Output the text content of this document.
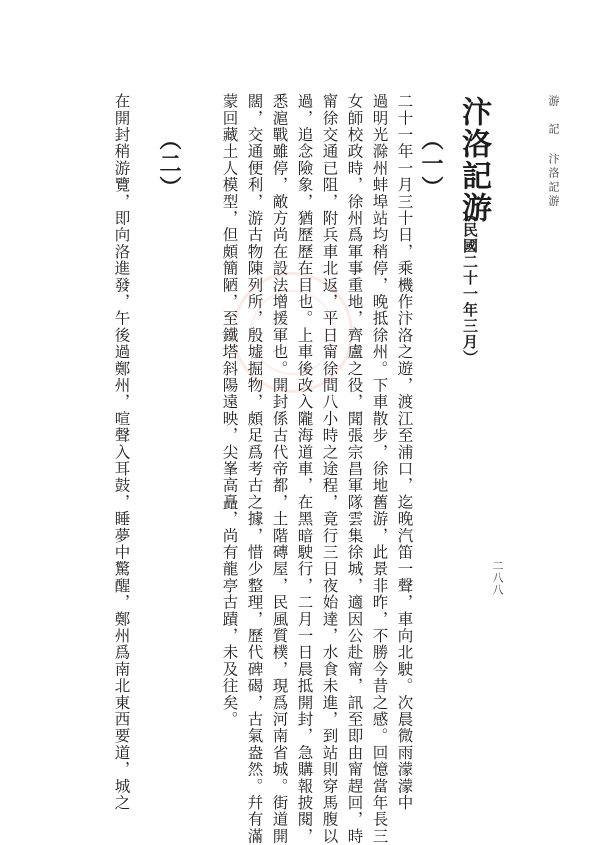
游　記汴洛記游
二八八
汴洛記游
（民國二十一年三月）
（一）
二十一年一月三十日，乘機作汴洛之遊，渡江至浦口，迄晚汽笛一聲，車向北駛。次晨微雨濛濛中
過明光滁州蚌埠站均稍停，晚抵徐州。下車散步，徐地舊游，此景非昨，不勝今昔之感。回憶當年長三
女師校政時，徐州爲軍事重地，齊盧之役，聞張宗昌軍隊雲集徐城，適因公赴甯，訊至即由甯趕回，時
甯徐交通已阻，附兵車北返，平日甯徐間八小時之途程，竟行三日夜始達，水食未進，到站則穿馬腹以
過，追念險象，猶歷歷在目也。上車後改入隴海道車，在黑暗駛行，二月一日晨抵開封，急購報披閱，
悉滬戰雖停，敵方尚在設法增援軍也。開封係古代帝都，土階磚屋，民風質樸，現爲河南省城。街道開
闊，交通便利，游古物陳列所，殷墟掘物，頗足爲考古之據，惜少整理，歷代碑碣，古氣盎然。幷有滿
蒙回藏土人模型，但頗簡陋，至鐵塔斜陽遠映，尖峯高矗，尚有龍亭古蹟，未及往矣。
（二）
在開封稍游覽，即向洛進發，午後過鄭州，喧聲入耳鼓，睡夢中驚醒，鄭州爲南北東西要道，城之
